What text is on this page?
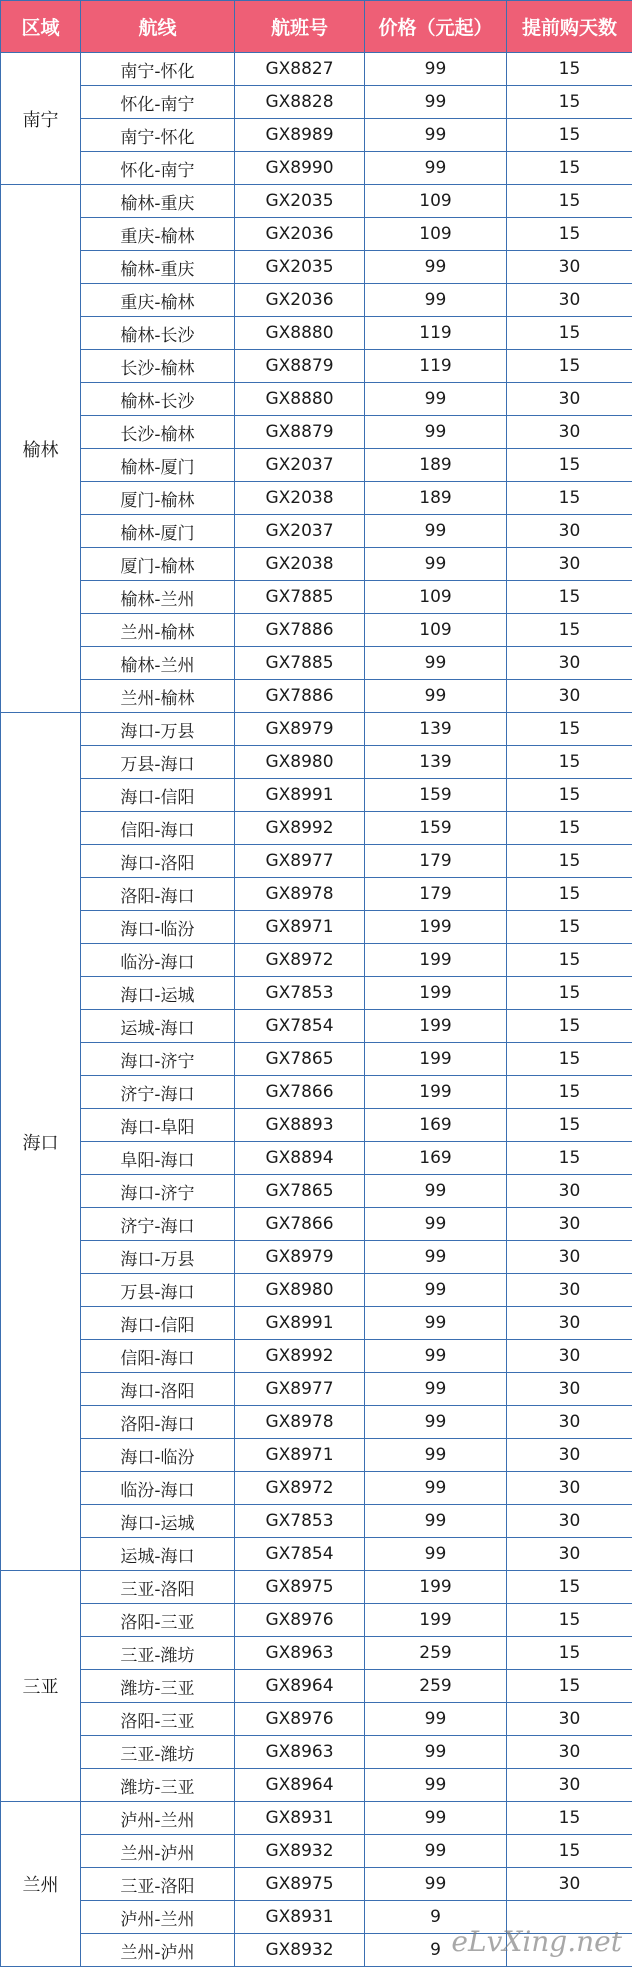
区域	航线	航班号	价格（元起）	提前购天数
南宁	南宁-怀化	GX8827	99	15
	怀化-南宁	GX8828	99	15
	南宁-怀化	GX8989	99	15
	怀化-南宁	GX8990	99	15
榆林	榆林-重庆	GX2035	109	15
	重庆-榆林	GX2036	109	15
	榆林-重庆	GX2035	99	30
	重庆-榆林	GX2036	99	30
	榆林-长沙	GX8880	119	15
	长沙-榆林	GX8879	119	15
	榆林-长沙	GX8880	99	30
	长沙-榆林	GX8879	99	30
	榆林-厦门	GX2037	189	15
	厦门-榆林	GX2038	189	15
	榆林-厦门	GX2037	99	30
	厦门-榆林	GX2038	99	30
	榆林-兰州	GX7885	109	15
	兰州-榆林	GX7886	109	15
	榆林-兰州	GX7885	99	30
	兰州-榆林	GX7886	99	30
海口	海口-万县	GX8979	139	15
	万县-海口	GX8980	139	15
	海口-信阳	GX8991	159	15
	信阳-海口	GX8992	159	15
	海口-洛阳	GX8977	179	15
	洛阳-海口	GX8978	179	15
	海口-临汾	GX8971	199	15
	临汾-海口	GX8972	199	15
	海口-运城	GX7853	199	15
	运城-海口	GX7854	199	15
	海口-济宁	GX7865	199	15
	济宁-海口	GX7866	199	15
	海口-阜阳	GX8893	169	15
	阜阳-海口	GX8894	169	15
	海口-济宁	GX7865	99	30
	济宁-海口	GX7866	99	30
	海口-万县	GX8979	99	30
	万县-海口	GX8980	99	30
	海口-信阳	GX8991	99	30
	信阳-海口	GX8992	99	30
	海口-洛阳	GX8977	99	30
	洛阳-海口	GX8978	99	30
	海口-临汾	GX8971	99	30
	临汾-海口	GX8972	99	30
	海口-运城	GX7853	99	30
	运城-海口	GX7854	99	30
三亚	三亚-洛阳	GX8975	199	15
	洛阳-三亚	GX8976	199	15
	三亚-潍坊	GX8963	259	15
	潍坊-三亚	GX8964	259	15
	洛阳-三亚	GX8976	99	30
	三亚-潍坊	GX8963	99	30
	潍坊-三亚	GX8964	99	30
兰州	泸州-兰州	GX8931	99	15
	兰州-泸州	GX8932	99	15
	三亚-洛阳	GX8975	99	30
	泸州-兰州	GX8931	9	
	兰州-泸州	GX8932	9	eLvXing.net
